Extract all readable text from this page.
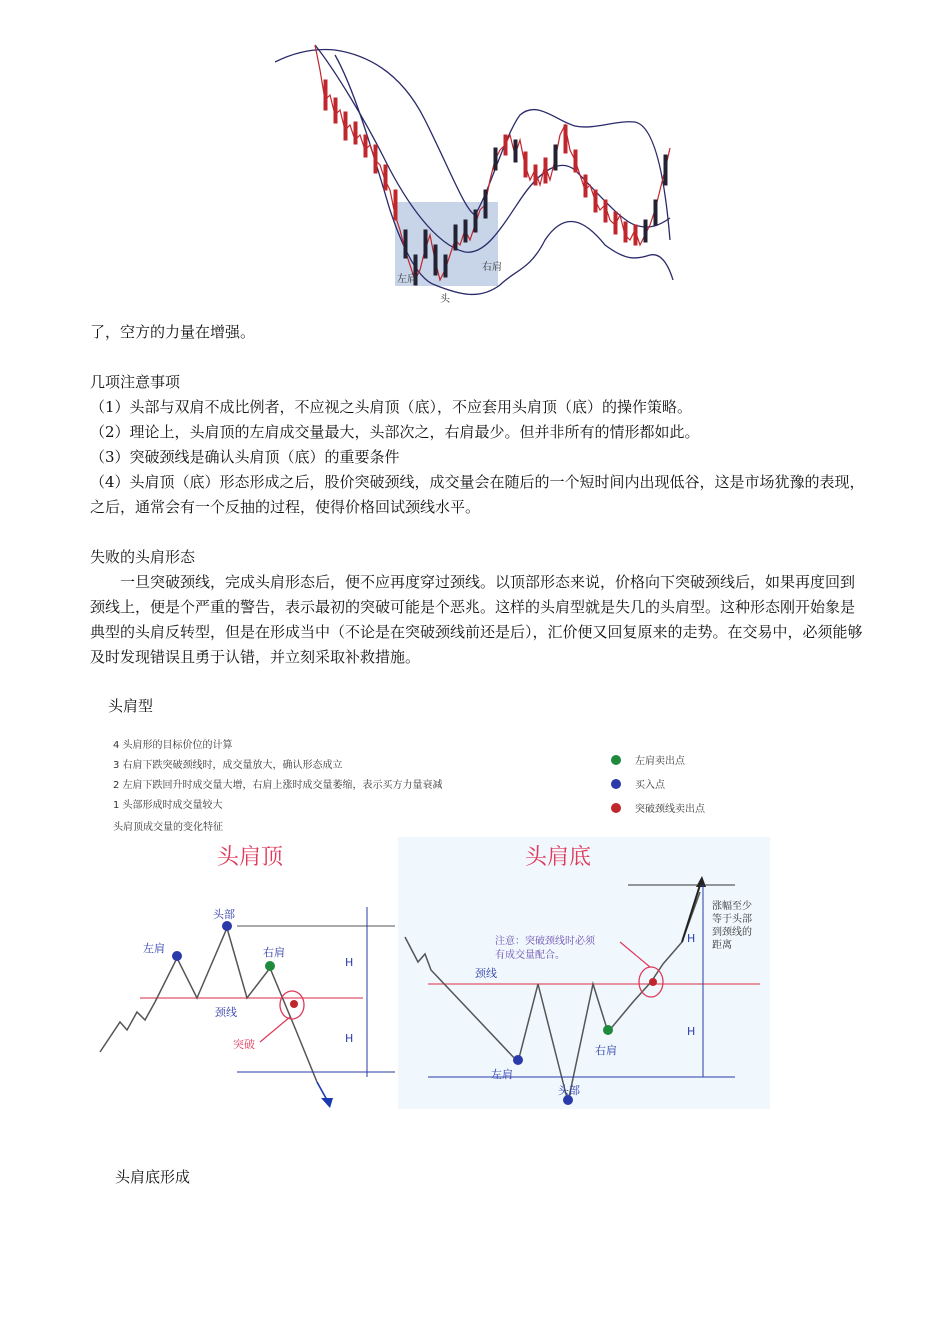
左肩
头
右肩
了，空方的力量在增强。
几项注意事项
（1）头部与双肩不成比例者，不应视之头肩顶（底），不应套用头肩顶（底）的操作策略。
（2）理论上，头肩顶的左肩成交量最大，头部次之，右肩最少。但并非所有的情形都如此。
（3）突破颈线是确认头肩顶（底）的重要条件
（4）头肩顶（底）形态形成之后，股价突破颈线，成交量会在随后的一个短时间内出现低谷，这是市场犹豫的表现，之后，通常会有一个反抽的过程，使得价格回试颈线水平。
失败的头肩形态
一旦突破颈线，完成头肩形态后，便不应再度穿过颈线。以顶部形态来说，价格向下突破颈线后，如果再度回到颈线上，便是个严重的警告，表示最初的突破可能是个恶兆。这样的头肩型就是失几的头肩型。这种形态刚开始象是典型的头肩反转型，但是在形成当中（不论是在突破颈线前还是后），汇价便又回复原来的走势。在交易中，必须能够及时发现错误且勇于认错，并立刻采取补救措施。
头肩型
4 头肩形的目标价位的计算
3 右肩下跌突破颈线时，成交量放大，确认形态成立
2 左肩下跌回升时成交量大增，右肩上涨时成交量萎缩，表示买方力量衰减
1 头部形成时成交量较大
头肩顶成交量的变化特征
左肩卖出点
买入点
突破颈线卖出点
头肩顶	头肩底
左肩
头部
右肩
颈线
突破
H
H
颈线
左肩
头部
右肩
注意：突破颈线时必须
有成交量配合。
H
H
涨幅至少等于头部到颈线的距离
头肩底形成
